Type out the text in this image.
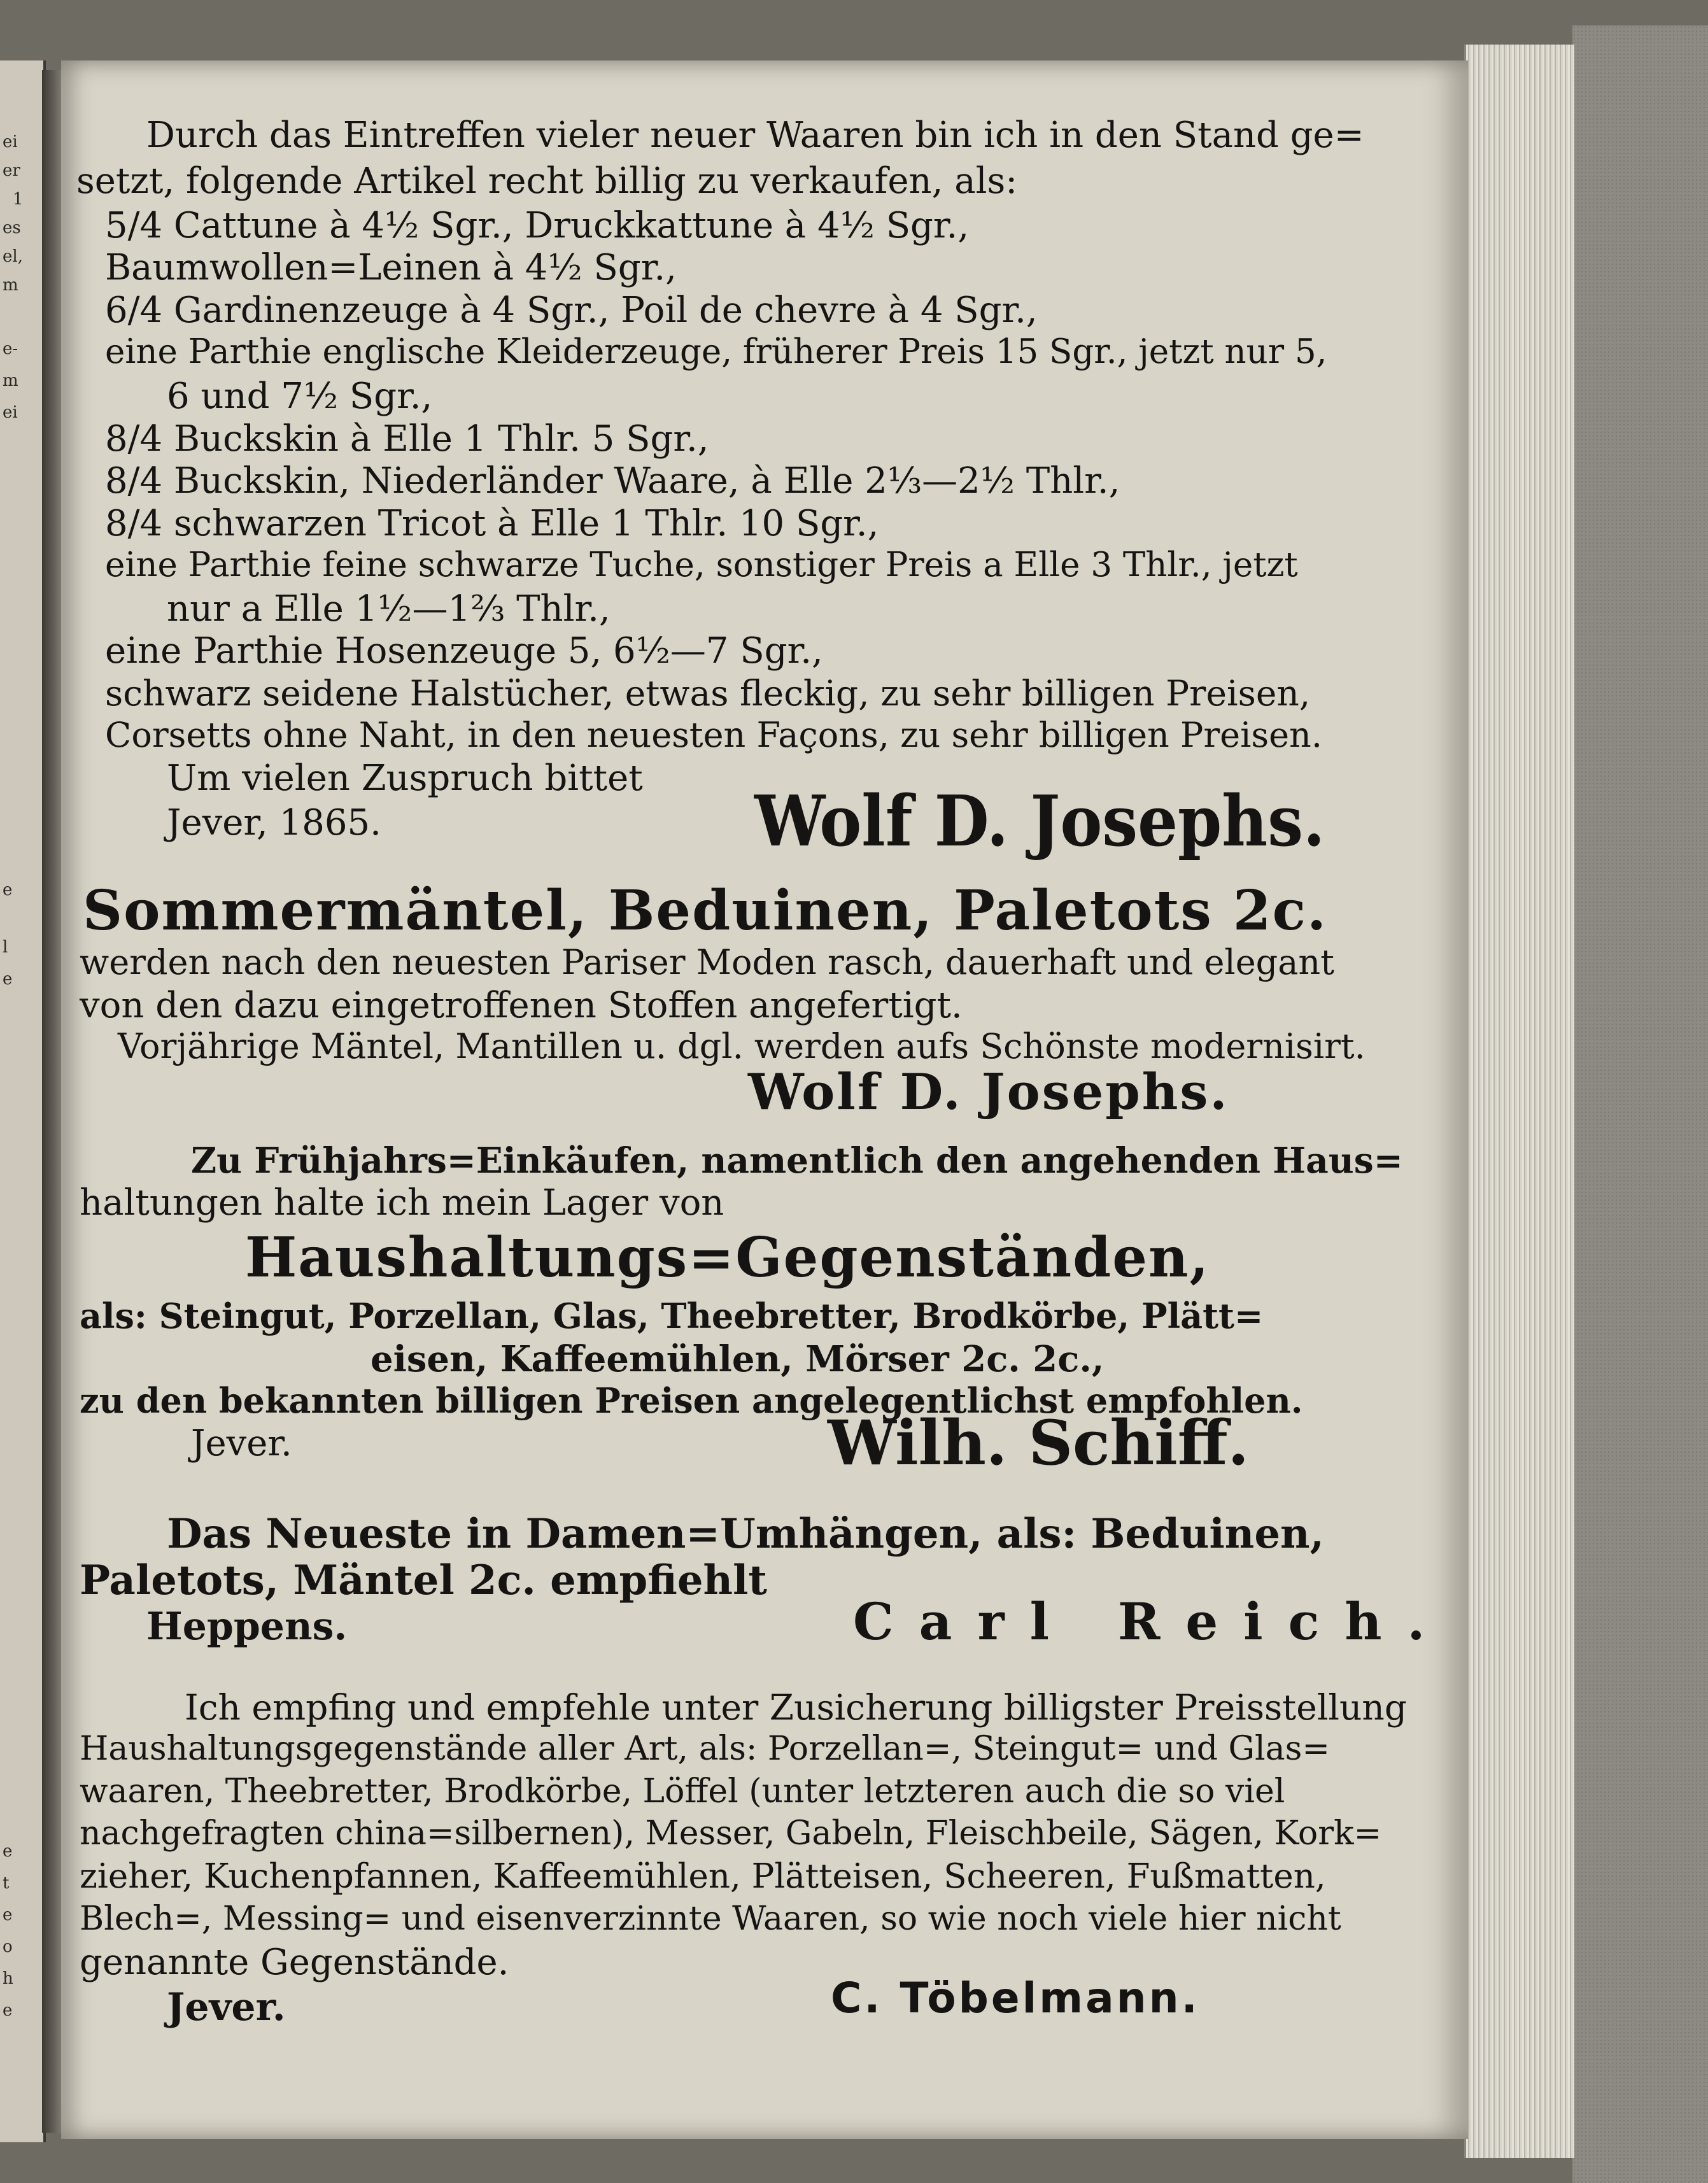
ei
er
1
es
el,
m
e-
m
ei
e
l
e
e
t
e
o
h
e
Durch das Eintreffen vieler neuer Waaren bin ich in den Stand ge=
setzt, folgende Artikel recht billig zu verkaufen, als:
5/4 Cattune à 4½ Sgr., Druckkattune à 4½ Sgr.,
Baumwollen=Leinen à 4½ Sgr.,
6/4 Gardinenzeuge à 4 Sgr., Poil de chevre à 4 Sgr.,
eine Parthie englische Kleiderzeuge, früherer Preis 15 Sgr., jetzt nur 5,
6 und 7½ Sgr.,
8/4 Buckskin à Elle 1 Thlr. 5 Sgr.,
8/4 Buckskin, Niederländer Waare, à Elle 2⅓—2½ Thlr.,
8/4 schwarzen Tricot à Elle 1 Thlr. 10 Sgr.,
eine Parthie feine schwarze Tuche, sonstiger Preis a Elle 3 Thlr., jetzt
nur a Elle 1½—1⅔ Thlr.,
eine Parthie Hosenzeuge 5, 6½—7 Sgr.,
schwarz seidene Halstücher, etwas fleckig, zu sehr billigen Preisen,
Corsetts ohne Naht, in den neuesten Façons, zu sehr billigen Preisen.
Um vielen Zuspruch bittet
Jever, 1865.	Wolf D. Josephs.
Sommermäntel, Beduinen, Paletots 2c.
werden nach den neuesten Pariser Moden rasch, dauerhaft und elegant
von den dazu eingetroffenen Stoffen angefertigt.
Vorjährige Mäntel, Mantillen u. dgl. werden aufs Schönste modernisirt.
Wolf D. Josephs.
Zu Frühjahrs=Einkäufen, namentlich den angehenden Haus=
haltungen halte ich mein Lager von
Haushaltungs=Gegenständen,
als: Steingut, Porzellan, Glas, Theebretter, Brodkörbe, Plätt=
eisen, Kaffeemühlen, Mörser 2c. 2c.,
zu den bekannten billigen Preisen angelegentlichst empfohlen.
Jever.	Wilh. Schiff.
Das Neueste in Damen=Umhängen, als: Beduinen,
Paletots, Mäntel 2c. empfiehlt
Heppens.	Carl Reich.
Ich empfing und empfehle unter Zusicherung billigster Preisstellung
Haushaltungsgegenstände aller Art, als: Porzellan=, Steingut= und Glas=
waaren, Theebretter, Brodkörbe, Löffel (unter letzteren auch die so viel
nachgefragten china=silbernen), Messer, Gabeln, Fleischbeile, Sägen, Kork=
zieher, Kuchenpfannen, Kaffeemühlen, Plätteisen, Scheeren, Fußmatten,
Blech=, Messing= und eisenverzinnte Waaren, so wie noch viele hier nicht
genannte Gegenstände.
Jever.	C. Töbelmann.
